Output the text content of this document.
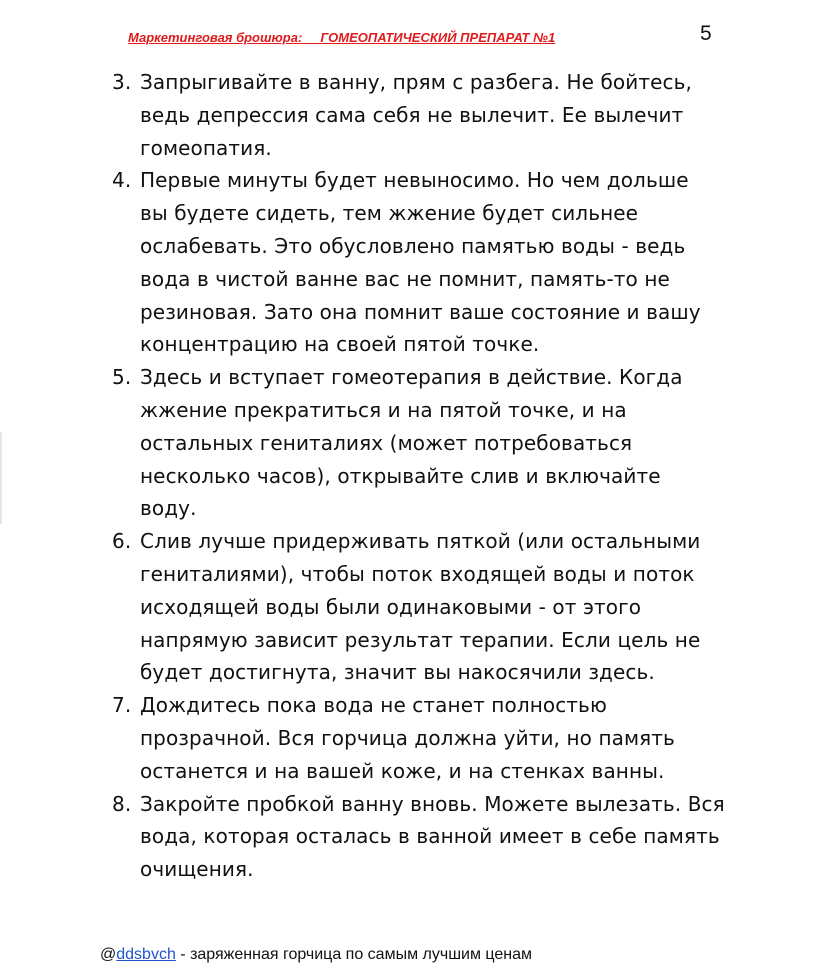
Маркетинговая брошюра: ГОМЕОПАТИЧЕСКИЙ ПРЕПАРАТ №1	5
3. Запрыгивайте в ванну, прям с разбега. Не бойтесь,
ведь депрессия сама себя не вылечит. Ее вылечит
гомеопатия.
4. Первые минуты будет невыносимо. Но чем дольше
вы будете сидеть, тем жжение будет сильнее
ослабевать. Это обусловлено памятью воды - ведь
вода в чистой ванне вас не помнит, память-то не
резиновая. Зато она помнит ваше состояние и вашу
концентрацию на своей пятой точке.
5. Здесь и вступает гомеотерапия в действие. Когда
жжение прекратиться и на пятой точке, и на
остальных гениталиях (может потребоваться
несколько часов), открывайте слив и включайте
воду.
6. Слив лучше придерживать пяткой (или остальными
гениталиями), чтобы поток входящей воды и поток
исходящей воды были одинаковыми - от этого
напрямую зависит результат терапии. Если цель не
будет достигнута, значит вы накосячили здесь.
7. Дождитесь пока вода не станет полностью
прозрачной. Вся горчица должна уйти, но память
останется и на вашей коже, и на стенках ванны.
8. Закройте пробкой ванну вновь. Можете вылезать. Вся
вода, которая осталась в ванной имеет в себе память
очищения.
@ddsbvch - заряженная горчица по самым лучшим ценам
